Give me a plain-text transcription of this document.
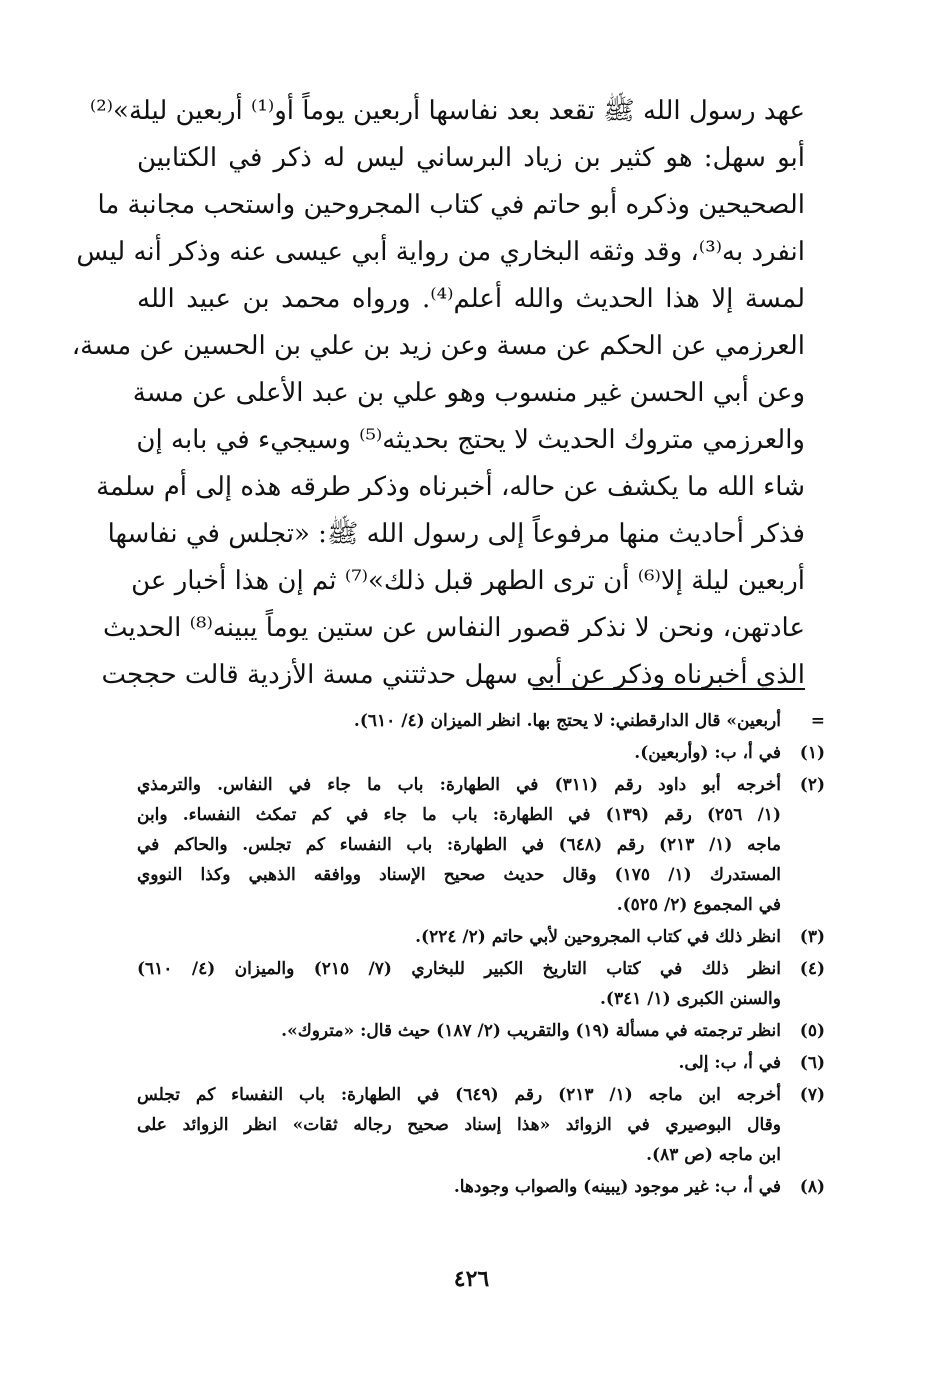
عهد رسول الله ﷺ تقعد بعد نفاسها أربعين يوماً أو⁽¹⁾ أربعين ليلة»⁽²⁾
أبو سهل: هو كثير بن زياد البرساني ليس له ذكر في الكتابين
الصحيحين وذكره أبو حاتم في كتاب المجروحين واستحب مجانبة ما
انفرد به⁽³⁾، وقد وثقه البخاري من رواية أبي عيسى عنه وذكر أنه ليس
لمسة إلا هذا الحديث والله أعلم⁽⁴⁾. ورواه محمد بن عبيد الله
العرزمي عن الحكم عن مسة وعن زيد بن علي بن الحسين عن مسة،
وعن أبي الحسن غير منسوب وهو علي بن عبد الأعلى عن مسة
والعرزمي متروك الحديث لا يحتج بحديثه⁽⁵⁾ وسيجيء في بابه إن
شاء الله ما يكشف عن حاله، أخبرناه وذكر طرقه هذه إلى أم سلمة
فذكر أحاديث منها مرفوعاً إلى رسول الله ﷺ: «تجلس في نفاسها
أربعين ليلة إلا⁽⁶⁾ أن ترى الطهر قبل ذلك»⁽⁷⁾ ثم إن هذا أخبار عن
عادتهن، ونحن لا نذكر قصور النفاس عن ستين يوماً يبينه⁽⁸⁾ الحديث
الذي أخبرناه وذكر عن أبي سهل حدثتني مسة الأزدية قالت حججت
=
أربعين» قال الدارقطني: لا يحتج بها. انظر الميزان (٤/ ٦١٠).
(١)
في أ، ب: (وأربعين).
(٢)
أخرجه أبو داود رقم (٣١١) في الطهارة: باب ما جاء في النفاس. والترمذي
(١/ ٢٥٦) رقم (١٣٩) في الطهارة: باب ما جاء في كم تمكث النفساء. وابن
ماجه (١/ ٢١٣) رقم (٦٤٨) في الطهارة: باب النفساء كم تجلس. والحاكم في
المستدرك (١/ ١٧٥) وقال حديث صحيح الإسناد ووافقه الذهبي وكذا النووي
في المجموع (٢/ ٥٢٥).
(٣)
انظر ذلك في كتاب المجروحين لأبي حاتم (٢/ ٢٢٤).
(٤)
انظر ذلك في كتاب التاريخ الكبير للبخاري (٧/ ٢١٥) والميزان (٤/ ٦١٠)
والسنن الكبرى (١/ ٣٤١).
(٥)
انظر ترجمته في مسألة (١٩) والتقريب (٢/ ١٨٧) حيث قال: «متروك».
(٦)
في أ، ب: إلى.
(٧)
أخرجه ابن ماجه (١/ ٢١٣) رقم (٦٤٩) في الطهارة: باب النفساء كم تجلس
وقال البوصيري في الزوائد «هذا إسناد صحيح رجاله ثقات» انظر الزوائد على
ابن ماجه (ص ٨٣).
(٨)
في أ، ب: غير موجود (يبينه) والصواب وجودها.
٤٢٦
